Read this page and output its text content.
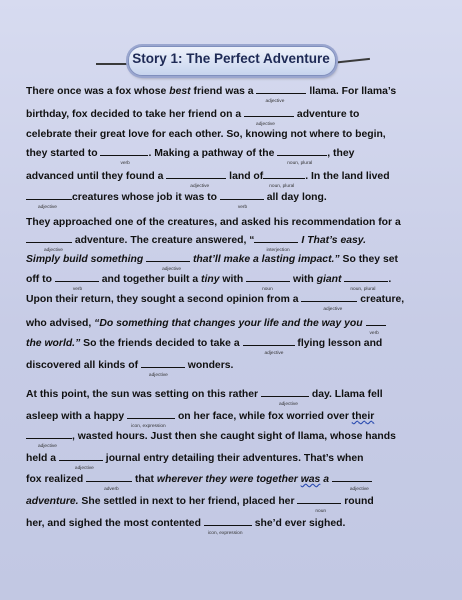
Story 1: The Perfect Adventure
There once was a fox whose best friend was a
adjective
llama. For llama’s
birthday, fox decided to take her friend on a
adjective
adventure to
celebrate their great love for each other. So, knowing not where to begin,
they started to
verb
. Making a pathway of the
noun, plural
, they
advanced until they found a
adjective
land of
noun, plural
. In the land lived
adjective
creatures whose job it was to
verb
all day long.
They approached one of the creatures, and asked his recommendation for a
adjective
adventure. The creature answered, “
interjection
I That’s easy.
Simply build something
adjective
that’ll make a lasting impact.” So they set
off to
verb
and together built a tiny with
noun
with giant
noun, plural
.
Upon their return, they sought a second opinion from a
adjective
creature,
who advised, “Do something that changes your life and the way you
verb
the world.” So the friends decided to take a
adjective
flying lesson and
discovered all kinds of
adjective
wonders.
At this point, the sun was setting on this rather
adjective
day. Llama fell
asleep with a happy
icon, expression
on her face, while fox worried over their
adjective
, wasted hours. Just then she caught sight of llama, whose hands
held a
adjective
journal entry detailing their adventures. That’s when
fox realized
adverb
that wherever they were together was a
adjective
adventure. She settled in next to her friend, placed her
noun
round
her, and sighed the most contented
icon, expression
she’d ever sighed.
